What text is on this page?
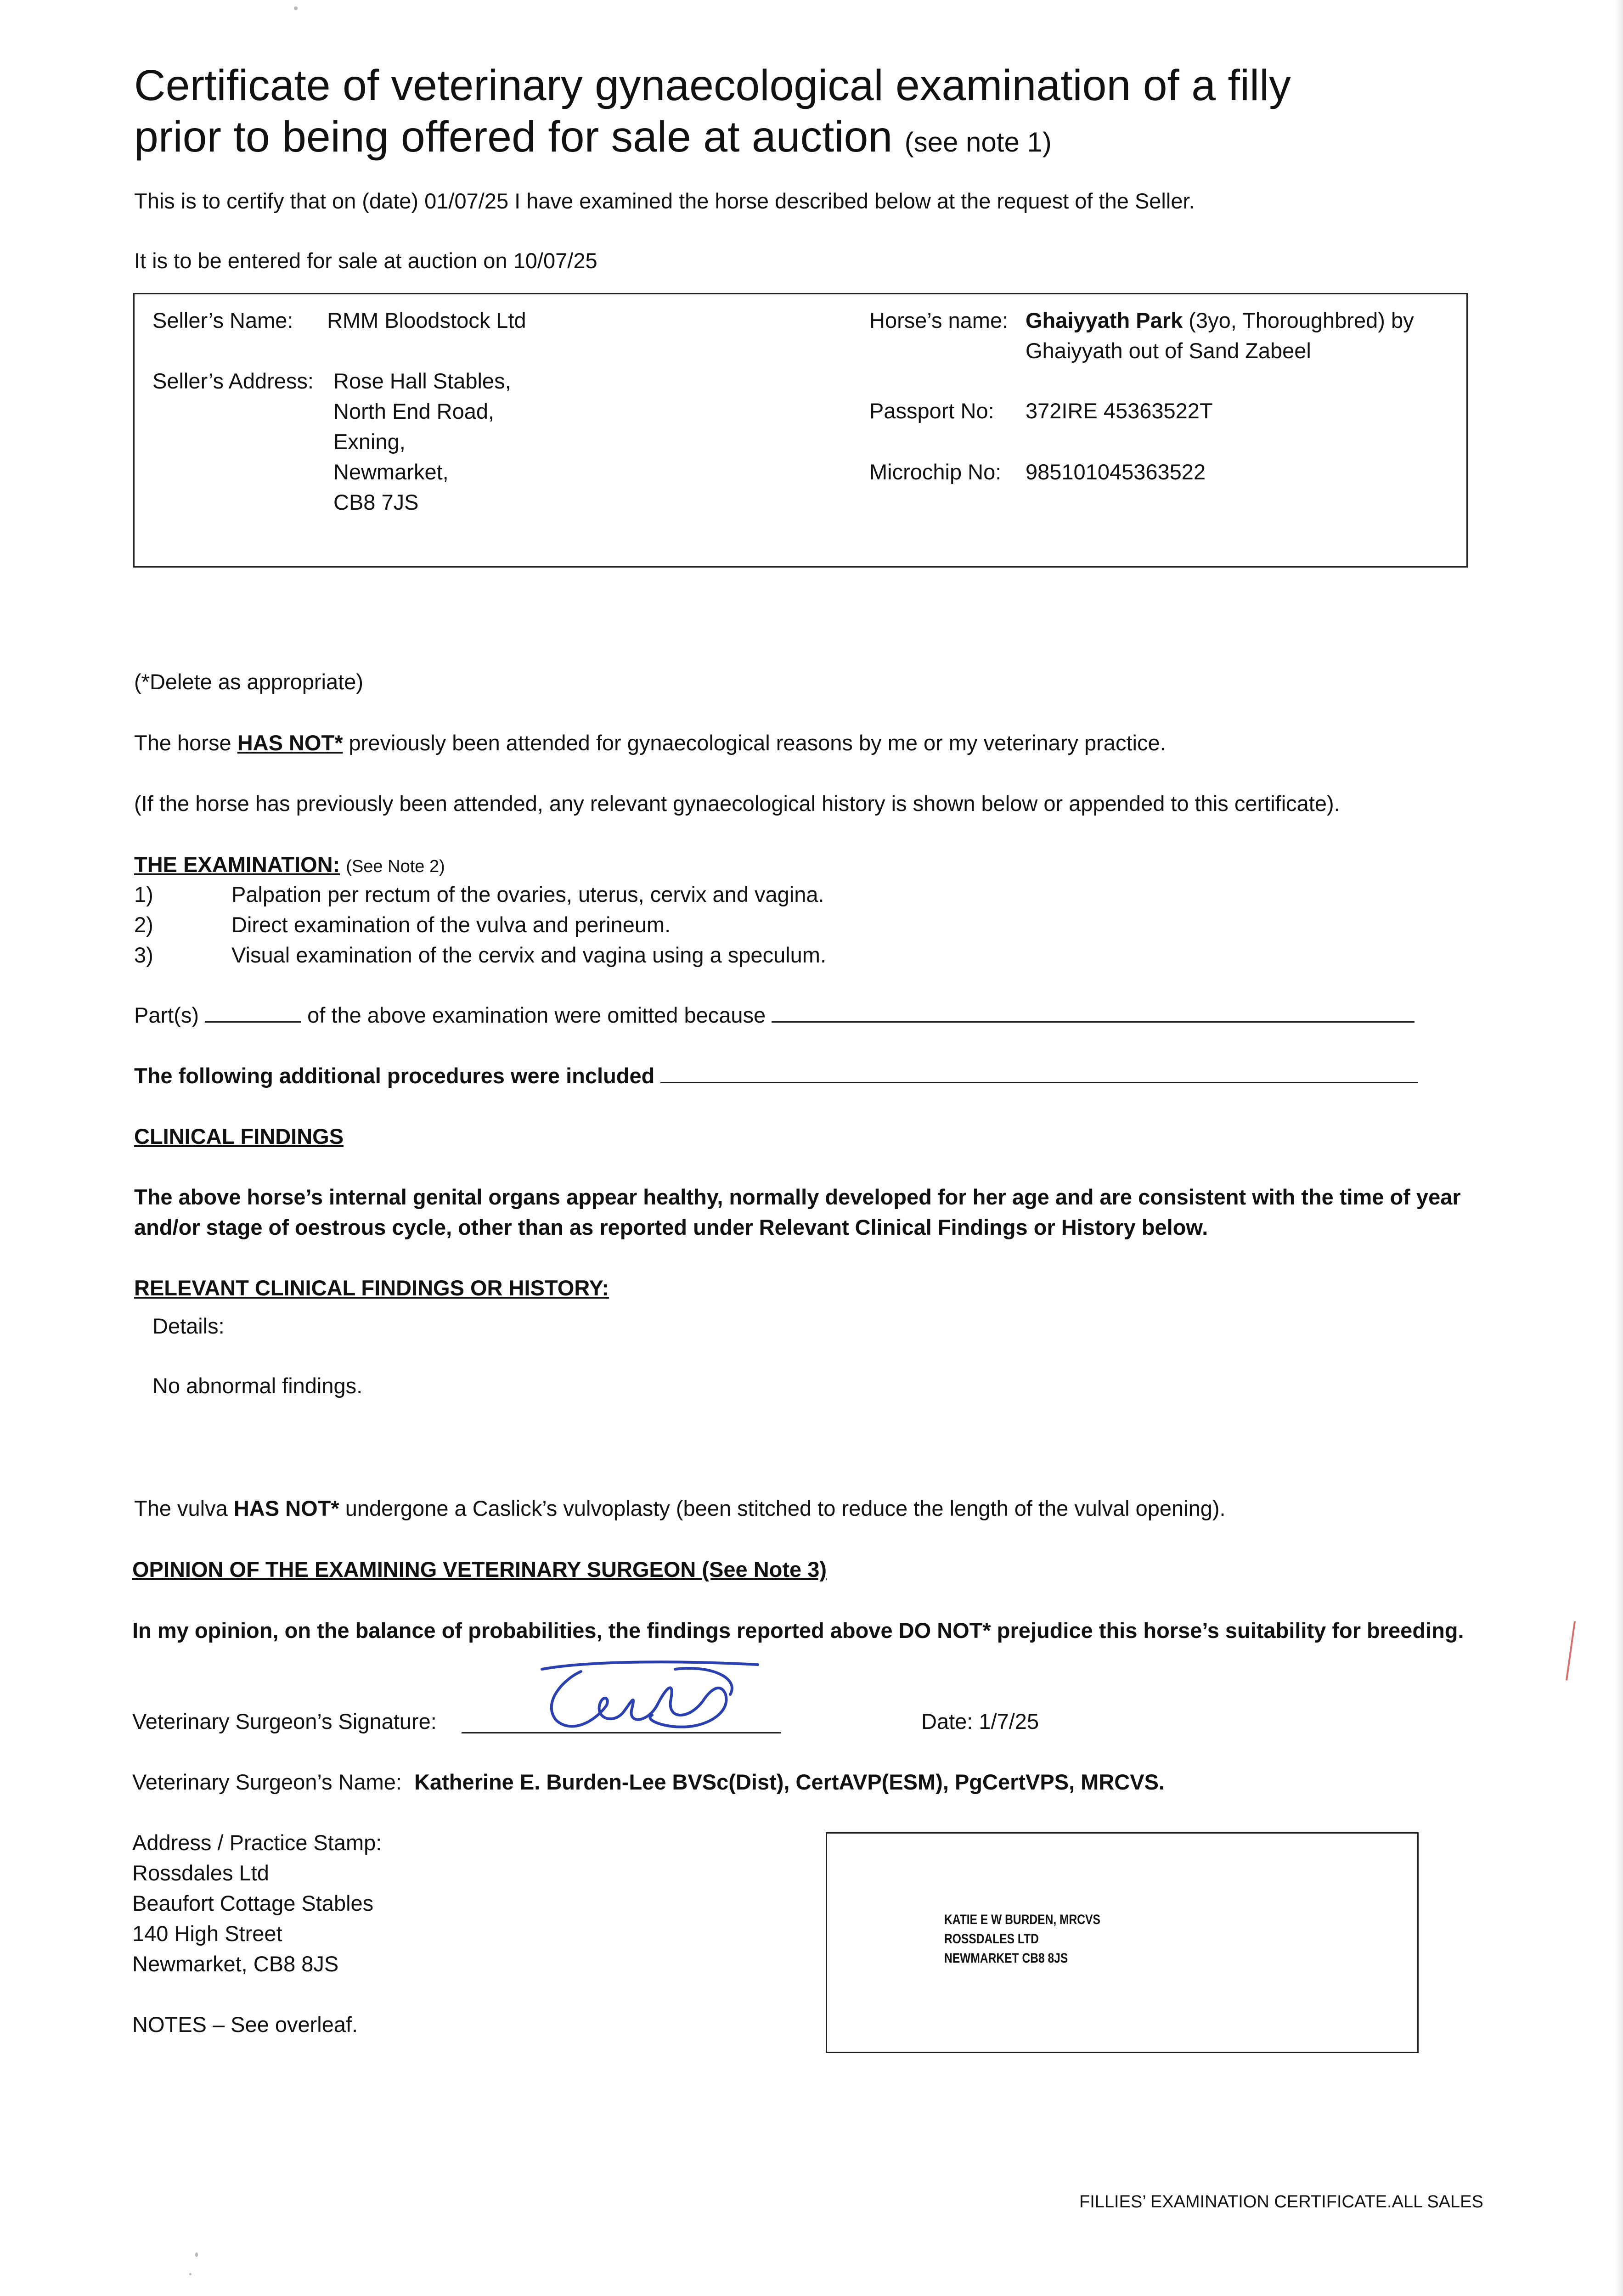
Certificate of veterinary gynaecological examination of a filly
prior to being offered for sale at auction (see note 1)
This is to certify that on (date) 01/07/25 I have examined the horse described below at the request of the Seller.
It is to be entered for sale at auction on 10/07/25
Seller’s Name: RMM Bloodstock Ltd
Seller’s Address: Rose Hall Stables,
North End Road,
Exning,
Newmarket,
CB8 7JS
Horse’s name: Ghaiyyath Park (3yo, Thoroughbred) by
Ghaiyyath out of Sand Zabeel
Passport No: 372IRE 45363522T
Microchip No: 985101045363522
(*Delete as appropriate)
The horse HAS NOT* previously been attended for gynaecological reasons by me or my veterinary practice.
(If the horse has previously been attended, any relevant gynaecological history is shown below or appended to this certificate).
THE EXAMINATION: (See Note 2)
1)	Palpation per rectum of the ovaries, uterus, cervix and vagina.
2)	Direct examination of the vulva and perineum.
3)	Visual examination of the cervix and vagina using a speculum.
Part(s)	of the above examination were omitted because
The following additional procedures were included
CLINICAL FINDINGS
The above horse’s internal genital organs appear healthy, normally developed for her age and are consistent with the time of year
and/or stage of oestrous cycle, other than as reported under Relevant Clinical Findings or History below.
RELEVANT CLINICAL FINDINGS OR HISTORY:
Details:
No abnormal findings.
The vulva HAS NOT* undergone a Caslick’s vulvoplasty (been stitched to reduce the length of the vulval opening).
OPINION OF THE EXAMINING VETERINARY SURGEON (See Note 3)
In my opinion, on the balance of probabilities, the findings reported above DO NOT* prejudice this horse’s suitability for breeding.
Veterinary Surgeon’s Signature:	Date: 1/7/25
Veterinary Surgeon’s Name: Katherine E. Burden-Lee BVSc(Dist), CertAVP(ESM), PgCertVPS, MRCVS.
Address / Practice Stamp:
Rossdales Ltd
Beaufort Cottage Stables
140 High Street
Newmarket, CB8 8JS
NOTES – See overleaf.
KATIE E W BURDEN, MRCVS
ROSSDALES LTD
NEWMARKET CB8 8JS
FILLIES’ EXAMINATION CERTIFICATE.ALL SALES
